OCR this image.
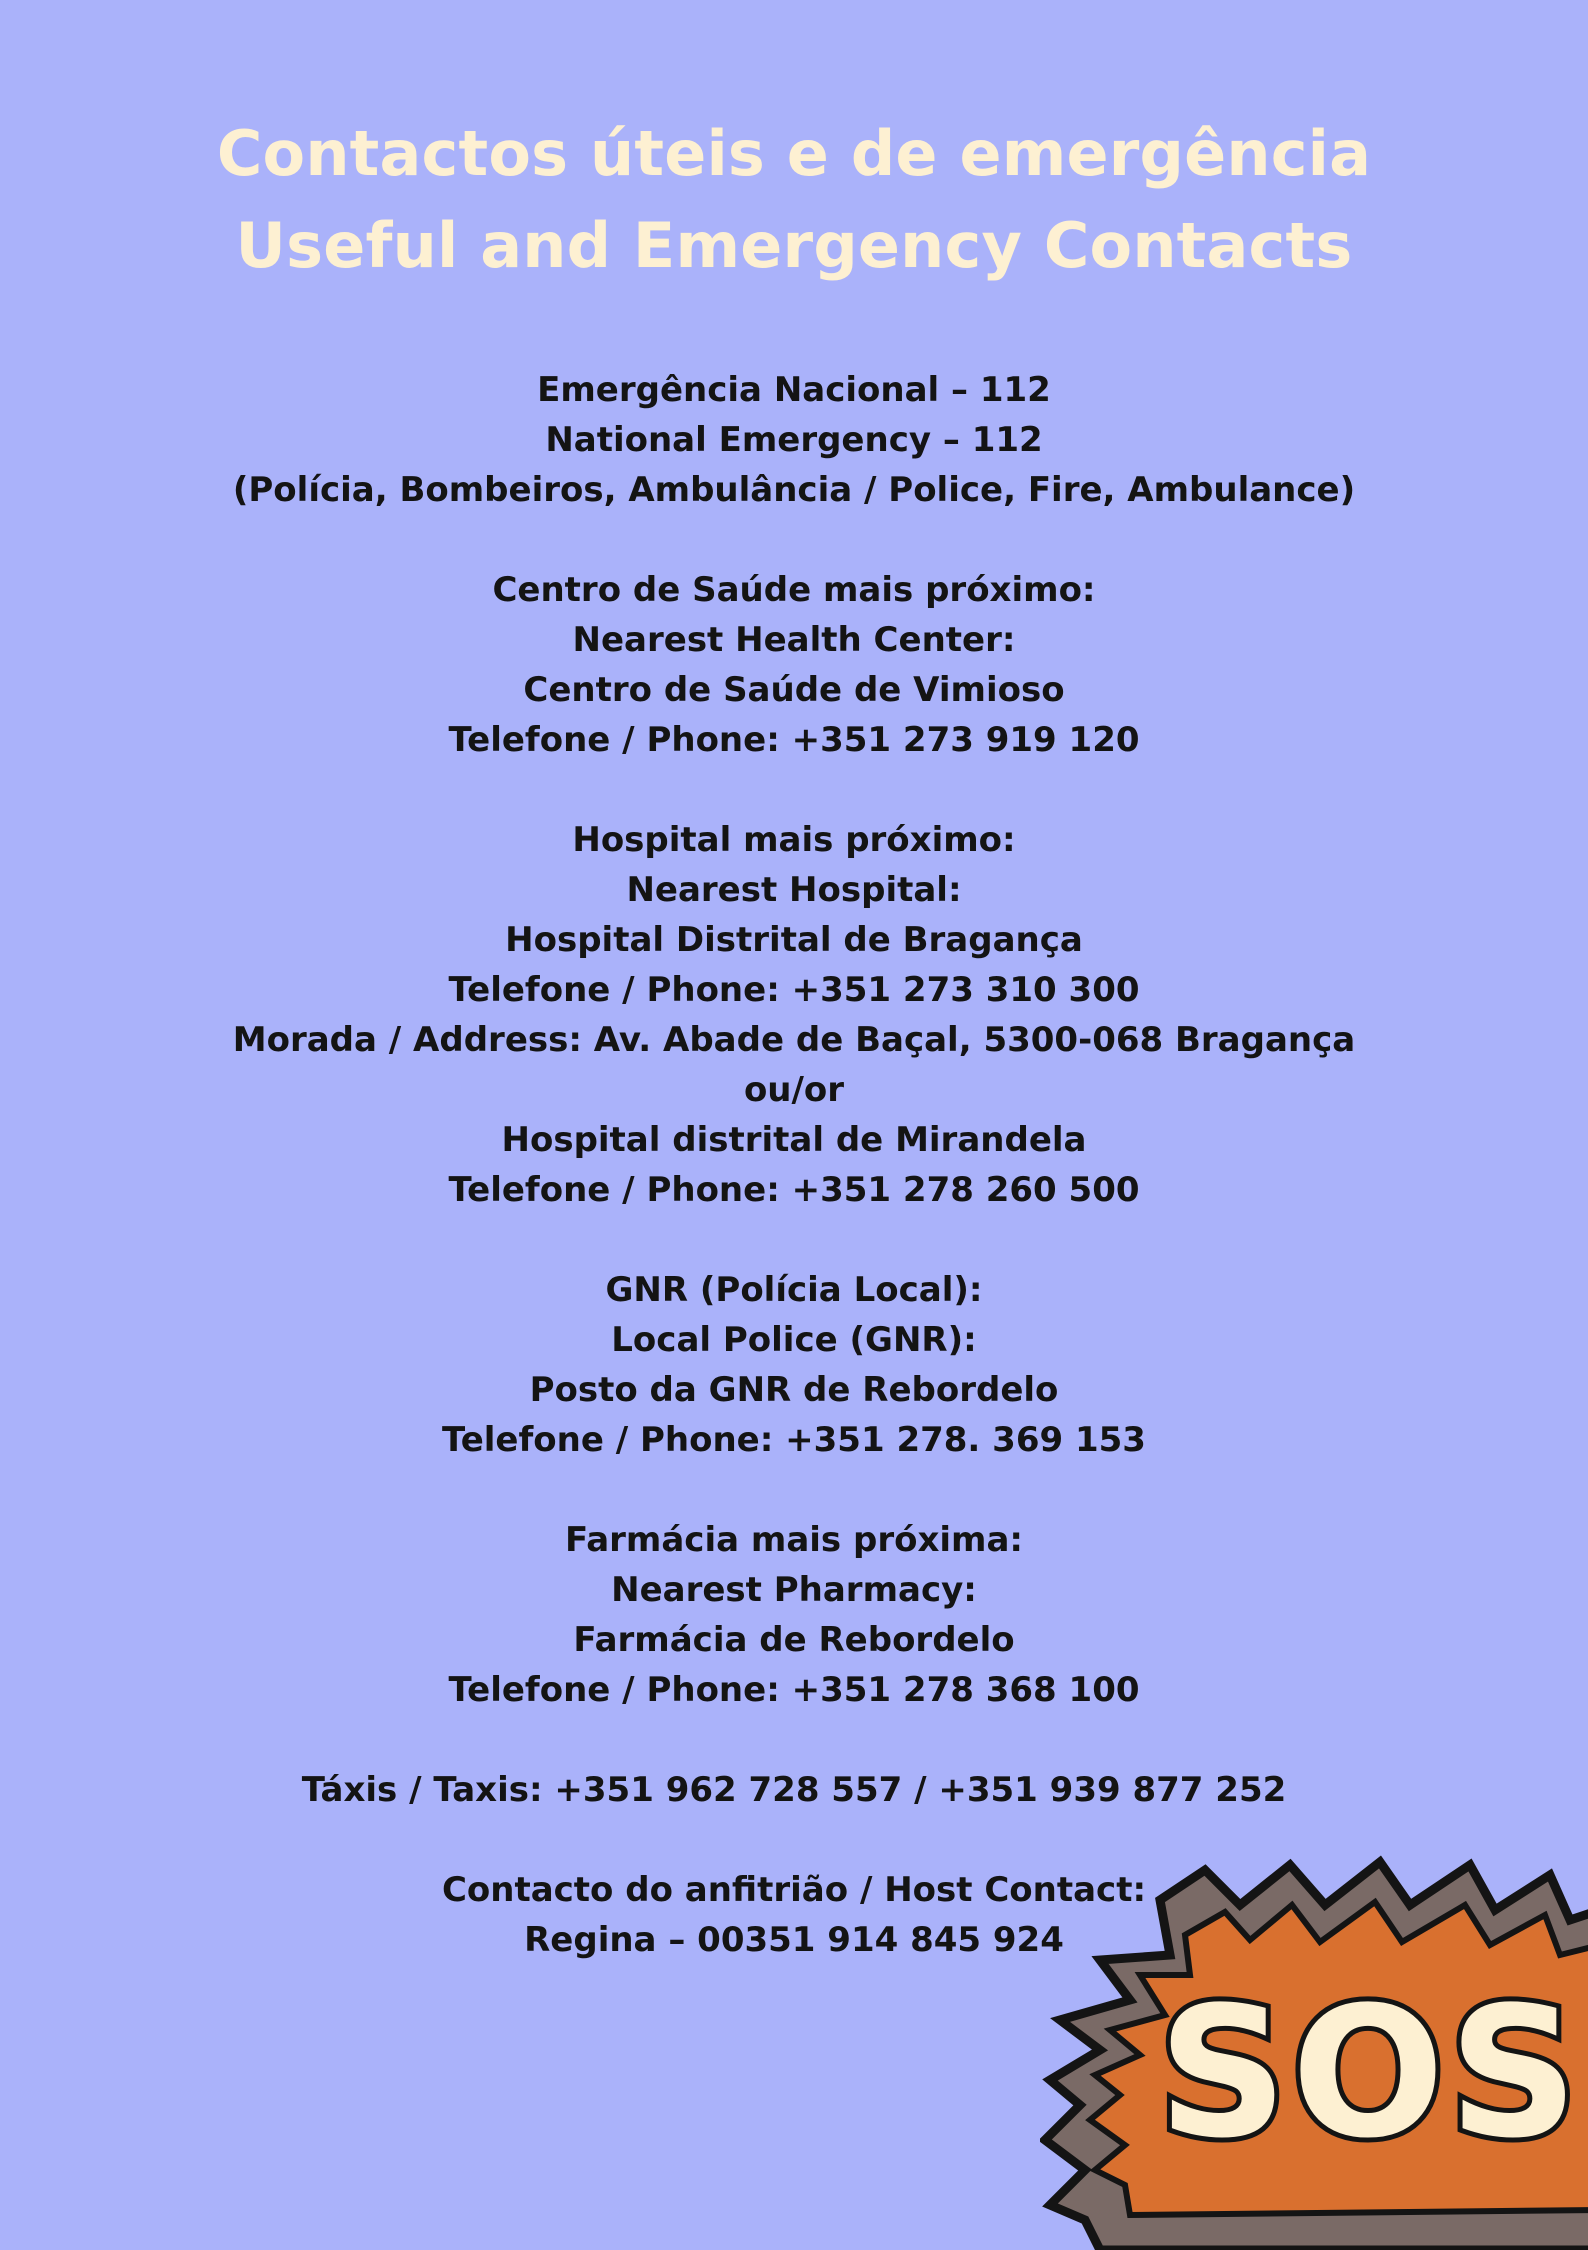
Contactos úteis e de emergência
Useful and Emergency Contacts
Emergência Nacional – 112
National Emergency – 112
(Polícia, Bombeiros, Ambulância / Police, Fire, Ambulance)
Centro de Saúde mais próximo:
Nearest Health Center:
Centro de Saúde de Vimioso
Telefone / Phone: +351 273 919 120
Hospital mais próximo:
Nearest Hospital:
Hospital Distrital de Bragança
Telefone / Phone: +351 273 310 300
Morada / Address: Av. Abade de Baçal, 5300-068 Bragança
ou/or
Hospital distrital de Mirandela
Telefone / Phone: +351 278 260 500
GNR (Polícia Local):
Local Police (GNR):
Posto da GNR de Rebordelo
Telefone / Phone: +351 278. 369 153
Farmácia mais próxima:
Nearest Pharmacy:
Farmácia de Rebordelo
Telefone / Phone: +351 278 368 100
Táxis / Taxis: +351 962 728 557 / +351 939 877 252
Contacto do anfitrião / Host Contact:
Regina – 00351 914 845 924
SOS
